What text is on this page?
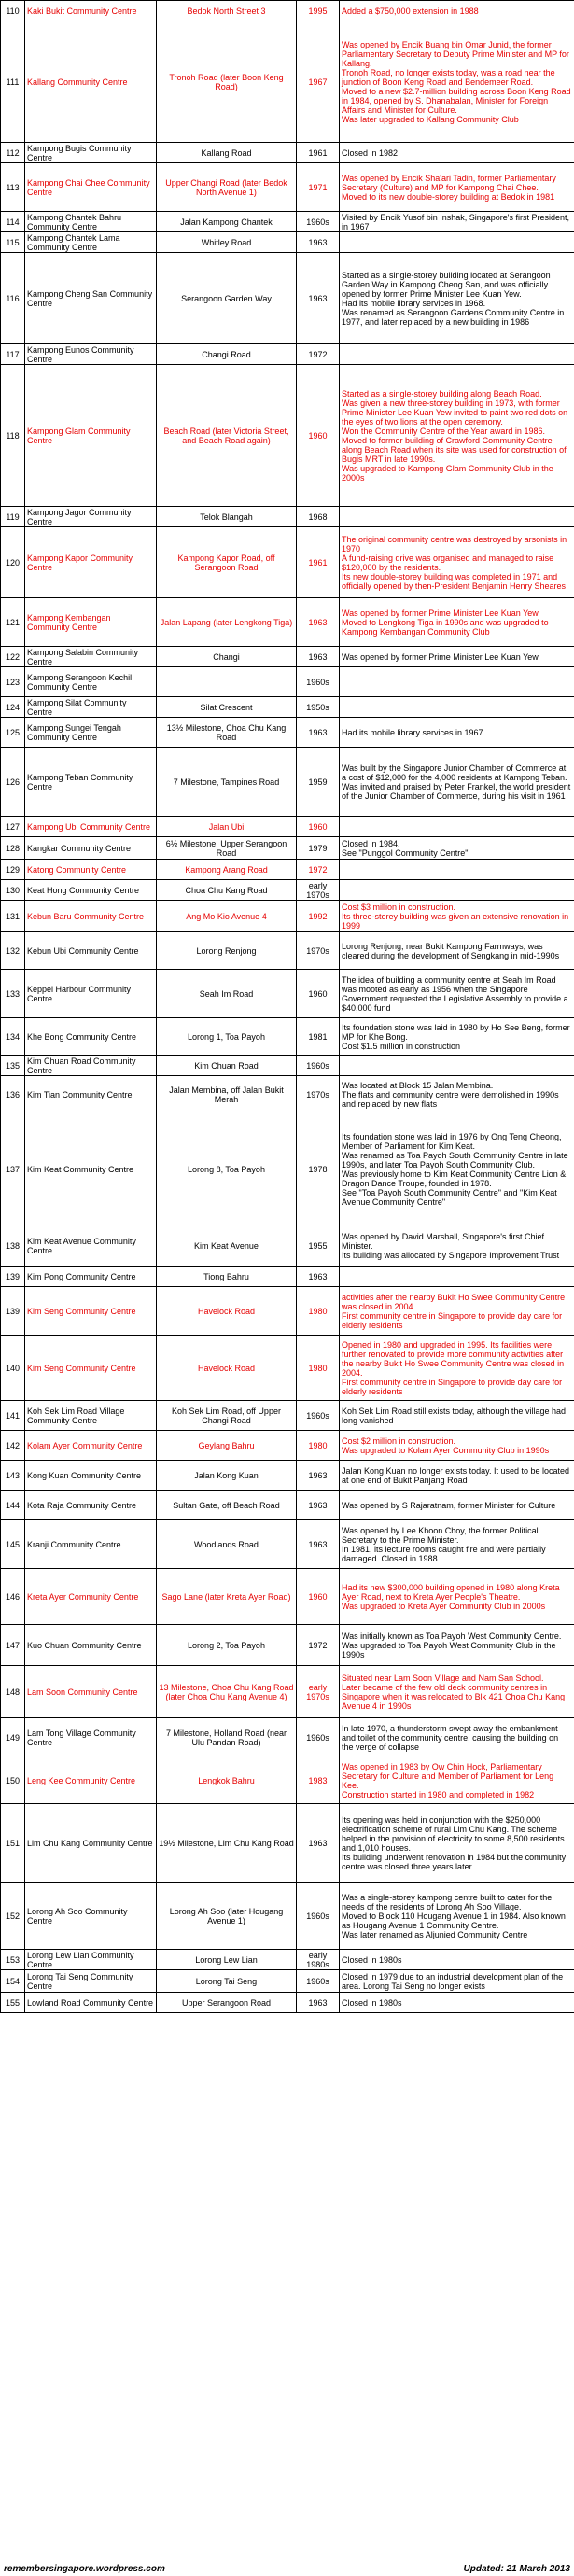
110	Kaki Bukit Community Centre	Bedok North Street 3	1995	Added a $750,000 extension in 1988

111	Kallang Community Centre	Tronoh Road (later Boon Keng Road)	1967	Was opened by Encik Buang bin Omar Junid, the former Parliamentary Secretary to Deputy Prime Minister and MP for Kallang.
Tronoh Road, no longer exists today, was a road near the junction of Boon Keng Road and Bendemeer Road.
Moved to a new $2.7-million building across Boon Keng Road in 1984, opened by S. Dhanabalan, Minister for Foreign Affairs and Minister for Culture.
Was later upgraded to Kallang Community Club

112	Kampong Bugis Community Centre	Kallang Road	1961	Closed in 1982

113	Kampong Chai Chee Community Centre	Upper Changi Road (later Bedok North Avenue 1)	1971	Was opened by Encik Sha'ari Tadin, former Parliamentary Secretary (Culture) and MP for Kampong Chai Chee.
Moved to its new double-storey building at Bedok in 1981

114	Kampong Chantek Bahru Community Centre	Jalan Kampong Chantek	1960s	Visited by Encik Yusof bin Inshak, Singapore's first President, in 1967

115	Kampong Chantek Lama Community Centre	Whitley Road	1963	
116	Kampong Cheng San Community Centre	Serangoon Garden Way	1963	Started as a single-storey building located at Serangoon Garden Way in Kampong Cheng San, and was officially opened by former Prime Minister Lee Kuan Yew.
Had its mobile library services in 1968.
Was renamed as Serangoon Gardens Community Centre in 1977, and later replaced by a new building in 1986

117	Kampong Eunos Community Centre	Changi Road	1972	
118	Kampong Glam Community Centre	Beach Road (later Victoria Street, and Beach Road again)	1960	Started as a single-storey building along Beach Road.
Was given a new three-storey building in 1973, with former Prime Minister Lee Kuan Yew invited to paint two red dots on the eyes of two lions at the open ceremony.
Won the Community Centre of the Year award in 1986.
Moved to former building of Crawford Community Centre along Beach Road when its site was used for construction of Bugis MRT in late 1990s.
Was upgraded to Kampong Glam Community Club in the 2000s

119	Kampong Jagor Community Centre	Telok Blangah	1968	
120	Kampong Kapor Community Centre	Kampong Kapor Road, off Serangoon Road	1961	The original community centre was destroyed by arsonists in 1970
A fund-raising drive was organised and managed to raise $120,000 by the residents.
Its new double-storey building was completed in 1971 and officially opened by then-President Benjamin Henry Sheares

121	Kampong Kembangan Community Centre	Jalan Lapang (later Lengkong Tiga)	1963	Was opened by former Prime Minister Lee Kuan Yew.
Moved to Lengkong Tiga in 1990s and was upgraded to Kampong Kembangan Community Club

122	Kampong Salabin Community Centre	Changi	1963	Was opened by former Prime Minister Lee Kuan Yew

123	Kampong Serangoon Kechil Community Centre		1960s	
124	Kampong Silat Community Centre	Silat Crescent	1950s	
125	Kampong Sungei Tengah Community Centre	13½ Milestone, Choa Chu Kang Road	1963	Had its mobile library services in 1967

126	Kampong Teban Community Centre	7 Milestone, Tampines Road	1959	Was built by the Singapore Junior Chamber of Commerce at a cost of $12,000 for the 4,000 residents at Kampong Teban.
Was invited and praised by Peter Frankel, the world president of the Junior Chamber of Commerce, during his visit in 1961

127	Kampong Ubi Community Centre	Jalan Ubi	1960	
128	Kangkar Community Centre	6½ Milestone, Upper Serangoon Road	1979	Closed in 1984.
See "Punggol Community Centre"

129	Katong Community Centre	Kampong Arang Road	1972	
130	Keat Hong Community Centre	Choa Chu Kang Road	early 1970s	
131	Kebun Baru Community Centre	Ang Mo Kio Avenue 4	1992	Cost $3 million in construction.
Its three-storey building was given an extensive renovation in 1999

132	Kebun Ubi Community Centre	Lorong Renjong	1970s	Lorong Renjong, near Bukit Kampong Farmways, was cleared during the development of Sengkang in mid-1990s

133	Keppel Harbour Community Centre	Seah Im Road	1960	The idea of building a community centre at Seah Im Road was mooted as early as 1956 when the Singapore Government requested the Legislative Assembly to provide a $40,000 fund

134	Khe Bong Community Centre	Lorong 1, Toa Payoh	1981	Its foundation stone was laid in 1980 by Ho See Beng, former MP for Khe Bong.
Cost $1.5 million in construction

135	Kim Chuan Road Community Centre	Kim Chuan Road	1960s	
136	Kim Tian Community Centre	Jalan Membina, off Jalan Bukit Merah	1970s	Was located at Block 15 Jalan Membina.
The flats and community centre were demolished in 1990s and replaced by new flats

137	Kim Keat Community Centre	Lorong 8, Toa Payoh	1978	Its foundation stone was laid in 1976 by Ong Teng Cheong, Member of Parliament for Kim Keat.
Was renamed as Toa Payoh South Community Centre in late 1990s, and later Toa Payoh South Community Club.
Was previously home to Kim Keat Community Centre Lion & Dragon Dance Troupe, founded in 1978.
See "Toa Payoh South Community Centre" and "Kim Keat Avenue Community Centre"

138	Kim Keat Avenue Community Centre	Kim Keat Avenue	1955	Was opened by David Marshall, Singapore's first Chief Minister.
Its building was allocated by Singapore Improvement Trust

139	Kim Pong Community Centre	Tiong Bahru	1963	
139	Kim Seng Community Centre	Havelock Road	1980	activities after the nearby Bukit Ho Swee Community Centre was closed in 2004.
First community centre in Singapore to provide day care for elderly residents

140	Kim Seng Community Centre	Havelock Road	1980	Opened in 1980 and upgraded in 1995. Its facilities were further renovated to provide more community activities after the nearby Bukit Ho Swee Community Centre was closed in 2004.
First community centre in Singapore to provide day care for elderly residents

141	Koh Sek Lim Road Village Community Centre	Koh Sek Lim Road, off Upper Changi Road	1960s	Koh Sek Lim Road still exists today, although the village had long vanished

142	Kolam Ayer Community Centre	Geylang Bahru	1980	Cost $2 million in construction.
Was upgraded to Kolam Ayer Community Club in 1990s

143	Kong Kuan Community Centre	Jalan Kong Kuan	1963	Jalan Kong Kuan no longer exists today. It used to be located at one end of Bukit Panjang Road

144	Kota Raja Community Centre	Sultan Gate, off Beach Road	1963	Was opened by S Rajaratnam, former Minister for Culture

145	Kranji Community Centre	Woodlands Road	1963	Was opened by Lee Khoon Choy, the former Political Secretary to the Prime Minister.
In 1981, its lecture rooms caught fire and were partially damaged. Closed in 1988

146	Kreta Ayer Community Centre	Sago Lane (later Kreta Ayer Road)	1960	Had its new $300,000 building opened in 1980 along Kreta Ayer Road, next to Kreta Ayer People's Theatre.
Was upgraded to Kreta Ayer Community Club in 2000s

147	Kuo Chuan Community Centre	Lorong 2, Toa Payoh	1972	Was initially known as Toa Payoh West Community Centre.
Was upgraded to Toa Payoh West Community Club in the 1990s

148	Lam Soon Community Centre	13 Milestone, Choa Chu Kang Road (later Choa Chu Kang Avenue 4)	early 1970s	Situated near Lam Soon Village and Nam San School.
Later became of the few old deck community centres in Singapore when it was relocated to Blk 421 Choa Chu Kang Avenue 4 in 1990s

149	Lam Tong Village Community Centre	7 Milestone, Holland Road (near Ulu Pandan Road)	1960s	In late 1970, a thunderstorm swept away the embankment and toilet of the community centre, causing the building on the verge of collapse

150	Leng Kee Community Centre	Lengkok Bahru	1983	Was opened in 1983 by Ow Chin Hock, Parliamentary Secretary for Culture and Member of Parliament for Leng Kee.
Construction started in 1980 and completed in 1982

151	Lim Chu Kang Community Centre	19½ Milestone, Lim Chu Kang Road	1963	Its opening was held in conjunction with the $250,000 electrification scheme of rural Lim Chu Kang. The scheme helped in the provision of electricity to some 8,500 residents and 1,010 houses.
Its building underwent renovation in 1984 but the community centre was closed three years later

152	Lorong Ah Soo Community Centre	Lorong Ah Soo (later Hougang Avenue 1)	1960s	Was a single-storey kampong centre built to cater for the needs of the residents of Lorong Ah Soo Village.
Moved to Block 110 Hougang Avenue 1 in 1984. Also known as Hougang Avenue 1 Community Centre.
Was later renamed as Aljunied Community Centre

153	Lorong Lew Lian Community Centre	Lorong Lew Lian	early 1980s	Closed in 1980s

154	Lorong Tai Seng Community Centre	Lorong Tai Seng	1960s	Closed in 1979 due to an industrial development plan of the area. Lorong Tai Seng no longer exists

155	Lowland Road Community Centre	Upper Serangoon Road	1963	Closed in 1980s
remembersingapore.wordpress.com	Updated: 21 March 2013
